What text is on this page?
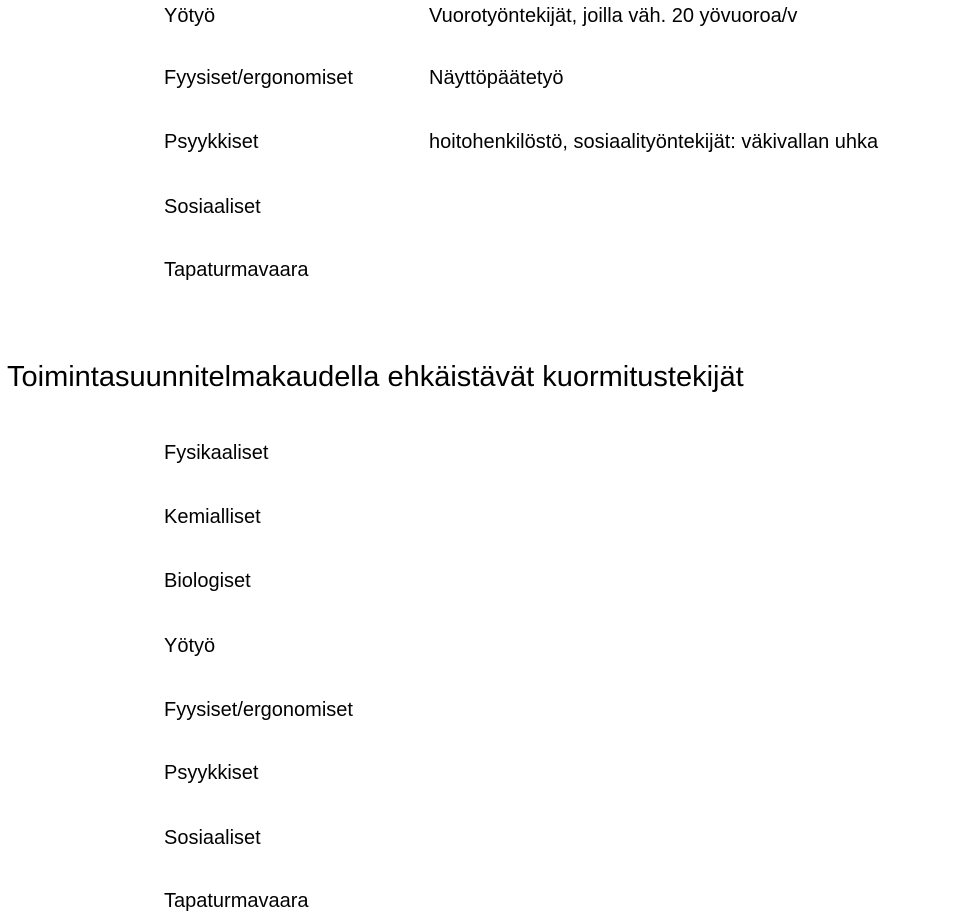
Yötyö	Vuorotyöntekijät, joilla väh. 20 yövuoroa/v
Fyysiset/ergonomiset	Näyttöpäätetyö
Psyykkiset	hoitohenkilöstö, sosiaalityöntekijät: väkivallan uhka
Sosiaaliset
Tapaturmavaara
Toimintasuunnitelmakaudella ehkäistävät kuormitustekijät
Fysikaaliset
Kemialliset
Biologiset
Yötyö
Fyysiset/ergonomiset
Psyykkiset
Sosiaaliset
Tapaturmavaara
